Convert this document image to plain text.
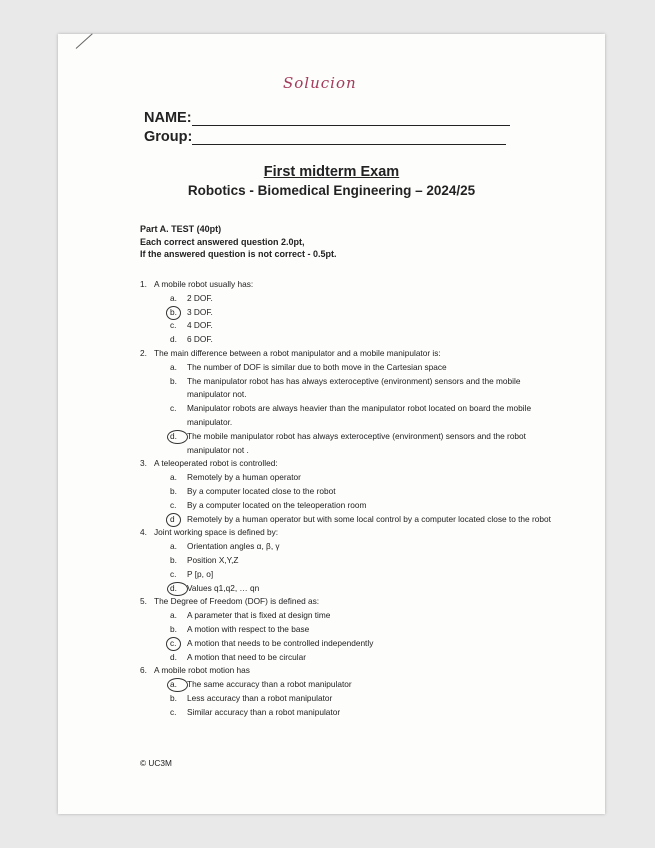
Solucion
NAME:
Group:
First midterm Exam
Robotics - Biomedical Engineering – 2024/25
Part A. TEST (40pt)
Each correct answered question 2.0pt,
If the answered question is not correct - 0.5pt.
1. A mobile robot usually has:
a.	2 DOF.
b.	3 DOF.
c.	4 DOF.
d.	6 DOF.
2. The main difference between a robot manipulator and a mobile manipulator is:
a.	The number of DOF is similar due to both move in the Cartesian space
b.	The manipulator robot has has always exteroceptive (environment) sensors and the mobile manipulator not.
c.	Manipulator robots are always heavier than the manipulator robot located on board the mobile manipulator.
d.	The mobile manipulator robot has always exteroceptive (environment) sensors and the robot manipulator not .
3. A teleoperated robot is controlled:
a.	Remotely by a human operator
b.	By a computer located close to the robot
c.	By a computer located on the teleoperation room
d	Remotely by a human operator but with some local control by a computer located close to the robot
4. Joint working space is defined by:
a.	Orientation angles α, β, γ
b.	Position X,Y,Z
c.	P [p, o]
d.	Values q1,q2, … qn
5. The Degree of Freedom (DOF) is defined as:
a.	A parameter that is fixed at design time
b.	A motion with respect to the base
c.	A motion that needs to be controlled independently
d.	A motion that need to be circular
6. A mobile robot motion has
a.	The same accuracy than a robot manipulator
b.	Less accuracy than a robot manipulator
c.	Similar accuracy than a robot manipulator
© UC3M
